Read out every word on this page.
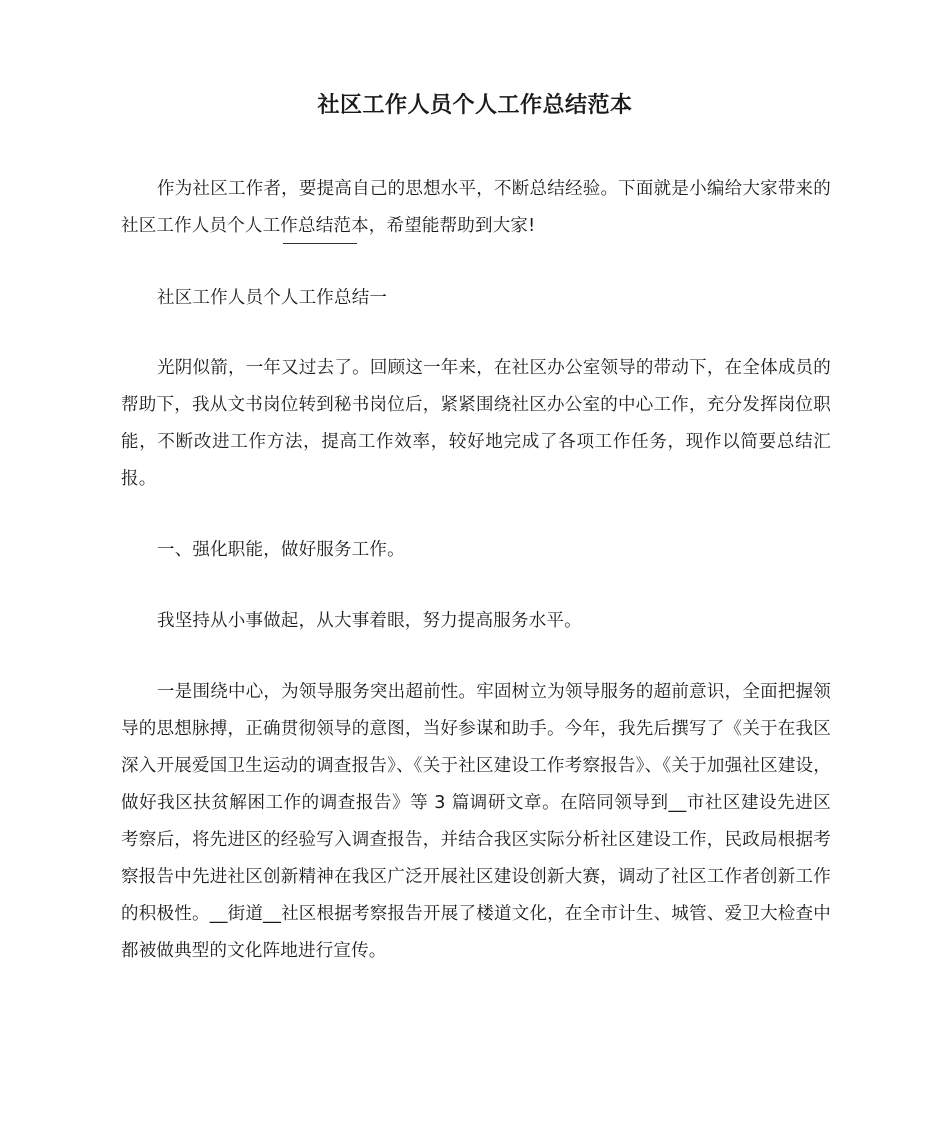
社区工作人员个人工作总结范本

作为社区工作者，要提高自己的思想水平，不断总结经验。下面就是小编给大家带来的社区工作人员个人工作总结范本，希望能帮助到大家!

社区工作人员个人工作总结一

光阴似箭，一年又过去了。回顾这一年来，在社区办公室领导的带动下，在全体成员的帮助下，我从文书岗位转到秘书岗位后，紧紧围绕社区办公室的中心工作，充分发挥岗位职能，不断改进工作方法，提高工作效率，较好地完成了各项工作任务，现作以简要总结汇报。

一、强化职能，做好服务工作。

我坚持从小事做起，从大事着眼，努力提高服务水平。

一是围绕中心，为领导服务突出超前性。牢固树立为领导服务的超前意识，全面把握领导的思想脉搏，正确贯彻领导的意图，当好参谋和助手。今年，我先后撰写了《关于在我区深入开展爱国卫生运动的调查报告》、《关于社区建设工作考察报告》、《关于加强社区建设，做好我区扶贫解困工作的调查报告》等 3 篇调研文章。在陪同领导到__市社区建设先进区考察后，将先进区的经验写入调查报告，并结合我区实际分析社区建设工作，民政局根据考察报告中先进社区创新精神在我区广泛开展社区建设创新大赛，调动了社区工作者创新工作的积极性。__街道__社区根据考察报告开展了楼道文化，在全市计生、城管、爱卫大检查中都被做典型的文化阵地进行宣传。
